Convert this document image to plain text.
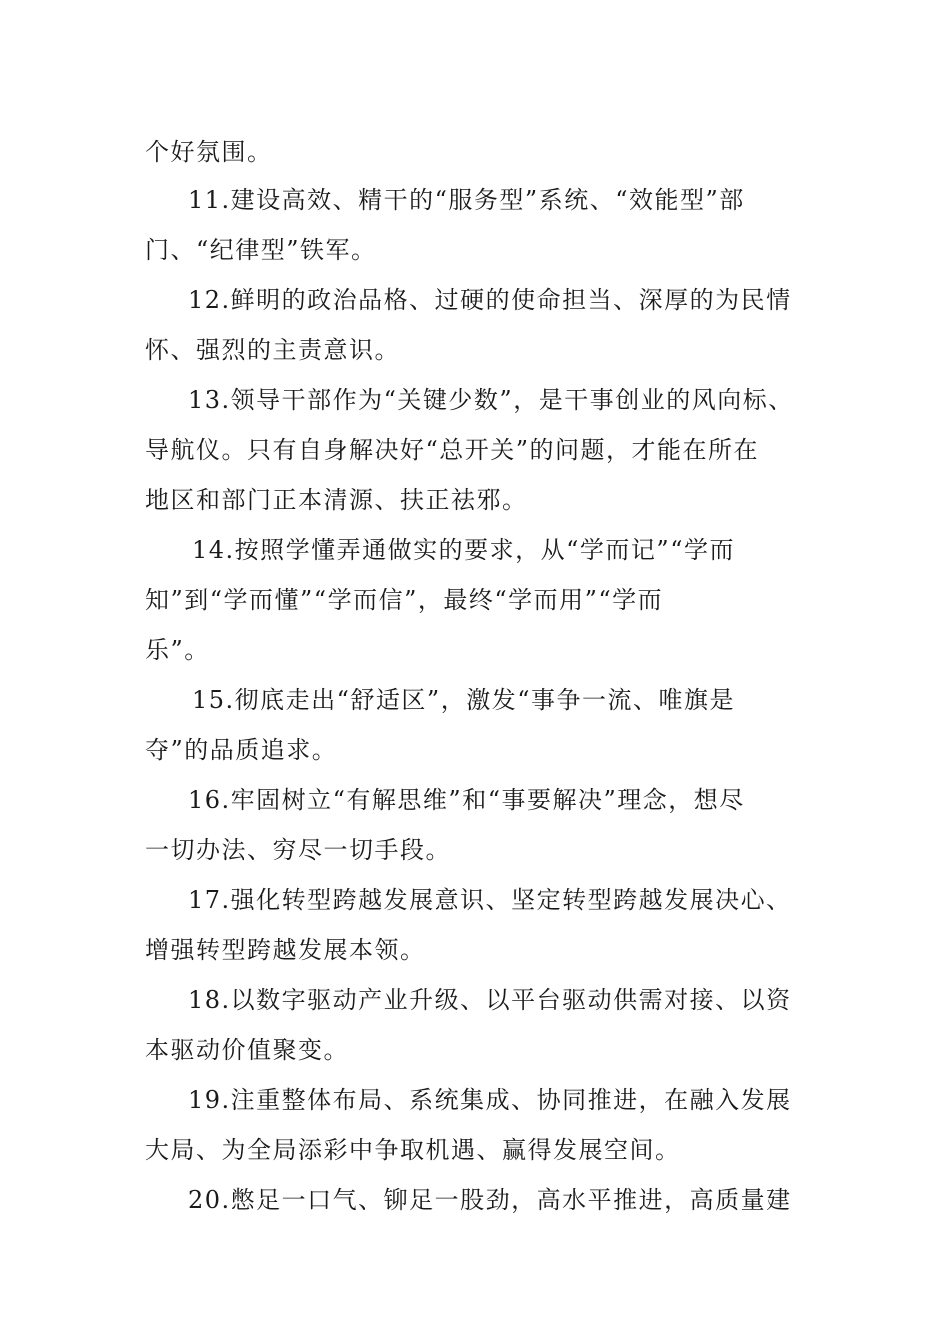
个好氛围。
11.建设高效、精干的“服务型”系统、“效能型”部
门、“纪律型”铁军。
12.鲜明的政治品格、过硬的使命担当、深厚的为民情
怀、强烈的主责意识。
13.领导干部作为“关键少数”，是干事创业的风向标、
导航仪。只有自身解决好“总开关”的问题，才能在所在
地区和部门正本清源、扶正祛邪。
14.按照学懂弄通做实的要求，从“学而记”“学而
知”到“学而懂”“学而信”，最终“学而用”“学而
乐”。
15.彻底走出“舒适区”，激发“事争一流、唯旗是
夺”的品质追求。
16.牢固树立“有解思维”和“事要解决”理念，想尽
一切办法、穷尽一切手段。
17.强化转型跨越发展意识、坚定转型跨越发展决心、
增强转型跨越发展本领。
18.以数字驱动产业升级、以平台驱动供需对接、以资
本驱动价值聚变。
19.注重整体布局、系统集成、协同推进，在融入发展
大局、为全局添彩中争取机遇、赢得发展空间。
20.憋足一口气、铆足一股劲，高水平推进，高质量建
